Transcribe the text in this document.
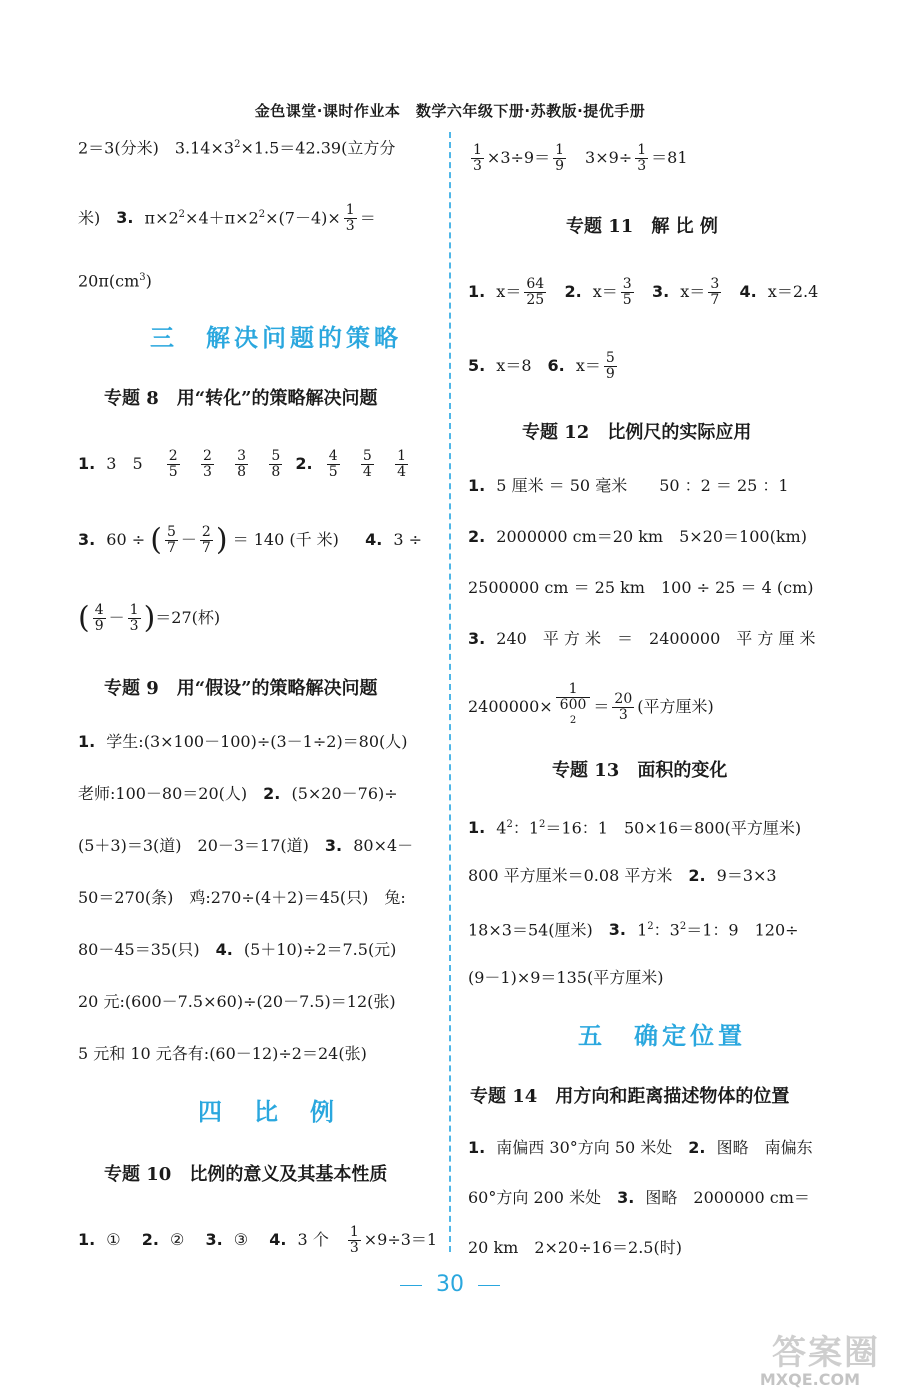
金色课堂·课时作业本　数学六年级下册·苏教版·提优手册
2＝3(分米)　$3.14\times 3^2\times 1.5=42.39$(立方分
米)　3. $\pi\times 2^2\times 4+\pi\times 2^2\times(7-4)\times \frac{1}{3}$ ＝
$20\pi(cm^3)$
三　解决问题的策略
专题 8　用“转化”的策略解决问题
1. 3　5　 $\frac{2}{5}$
$\frac{2}{3}$
$\frac{3}{8}$
$\frac{5}{8} 2$. $\frac{4}{5}$
$\frac{5}{4}$
$\frac{1}{4}$
3. 60 ÷ ( $\frac{5}{7} - \frac{2}{7}$ ) ＝ 140 (千 米)　  4. 3 ÷
( $\frac{4}{9} - \frac{1}{3} )=27$(杯)
专题 9　用“假设”的策略解决问题
1. 学生:(3×100－100)÷(3－1÷2)＝80(人)
老师:100－80＝20(人)　2. (5×20－76)÷
(5＋3)＝3(道)　20－3＝17(道)　3. 80×4－
50＝270(条)　鸡:270÷(4＋2)＝45(只)　兔:
80－45＝35(只)　4. (5＋10)÷2＝7.5(元)
20 元:(600－7.5×60)÷(20－7.5)＝12(张)
5 元和 10 元各有:(60－12)÷2＝24(张)
四　比　例
专题 10　比例的意义及其基本性质
1. ①　 2. ②　 3. ③　 4. 3 个　 $\frac{1}{3} \times 9\div 3=1$
$\frac{1}{3} \times 3\div 9= \frac{1}{9}$ 　$3\times 9\div \frac{1}{3} =81$
专题 11　解 比 例
1. $x= \frac{64}{25} 2$. $x= \frac{3}{5} 3$. $x= \frac{3}{7} 4$. x＝2.4
5. x＝8　6. $x= \frac{5}{9}$
专题 12　比例尺的实际应用
1. 5 厘米 ＝ 50 毫米　　50 ：2 ＝ 25 ：1
2. 2000000 cm＝20 km　5×20＝100(km)
2500000 cm ＝ 25 km　100 ÷ 25 ＝ 4 (cm)
3. 240　平 方 米　＝　2400000　平 方 厘 米
2400000× 1
600
$^2 = \frac{20}{3}$ (平方厘米)
专题 13　面积的变化
1. $4^2$：$1^2=16$：1　50×16＝800(平方厘米)
800 平方厘米＝0.08 平方米　2. 9＝3×3
18×3＝54(厘米)　3. $1^2$：$3^2=1$：9　120÷
(9－1)×9＝135(平方厘米)
五　确定位置
专题 14　用方向和距离描述物体的位置
1. 南偏西 30°方向 50 米处　2. 图略　南偏东
60°方向 200 米处　3. 图略　2000000 cm＝
20 km　2×20÷16＝2.5(时)
30
答案圈
MXQE.COM
